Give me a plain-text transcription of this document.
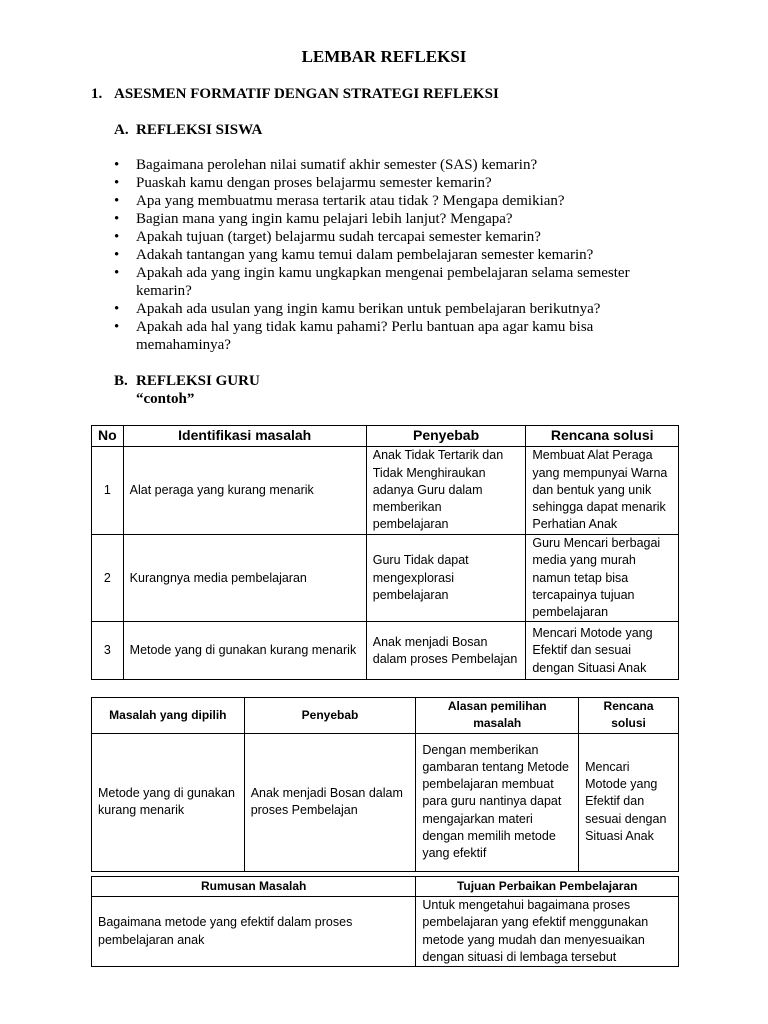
LEMBAR REFLEKSI
1. ASESMEN FORMATIF DENGAN STRATEGI REFLEKSI
A. REFLEKSI SISWA
• Bagaimana perolehan nilai sumatif akhir semester (SAS) kemarin?
• Puaskah kamu dengan proses belajarmu semester kemarin?
• Apa yang membuatmu merasa tertarik atau tidak ? Mengapa demikian?
• Bagian mana yang ingin kamu pelajari lebih lanjut? Mengapa?
• Apakah tujuan (target) belajarmu sudah tercapai semester kemarin?
• Adakah tantangan yang kamu temui dalam pembelajaran semester kemarin?
• Apakah ada yang ingin kamu ungkapkan mengenai pembelajaran selama semester kemarin?
• Apakah ada usulan yang ingin kamu berikan untuk pembelajaran berikutnya?
• Apakah ada hal yang tidak kamu pahami? Perlu bantuan apa agar kamu bisa memahaminya?
B. REFLEKSI GURU
“contoh”
No	Identifikasi masalah	Penyebab	Rencana solusi
1	Alat peraga yang kurang menarik	Anak Tidak Tertarik dan Tidak Menghiraukan adanya Guru dalam memberikan pembelajaran	Membuat Alat Peraga yang mempunyai Warna dan bentuk yang unik sehingga dapat menarik Perhatian Anak
2	Kurangnya media pembelajaran	Guru Tidak dapat mengexplorasi pembelajaran	Guru Mencari berbagai media yang murah namun tetap bisa tercapainya tujuan pembelajaran
3	Metode yang di gunakan kurang menarik	Anak menjadi Bosan dalam proses Pembelajan	Mencari Motode yang Efektif dan sesuai dengan Situasi Anak
Masalah yang dipilih	Penyebab	Alasan pemilihan masalah	Rencana solusi
Metode yang di gunakan kurang menarik	Anak menjadi Bosan dalam proses Pembelajan	Dengan memberikan gambaran tentang Metode pembelajaran membuat para guru nantinya dapat mengajarkan materi dengan memilih metode yang efektif	Mencari Motode yang Efektif dan sesuai dengan Situasi Anak
Rumusan Masalah	Tujuan Perbaikan Pembelajaran
Bagaimana metode yang efektif dalam proses pembelajaran anak	Untuk mengetahui bagaimana proses pembelajaran yang efektif menggunakan metode yang mudah dan menyesuaikan dengan situasi di lembaga tersebut
